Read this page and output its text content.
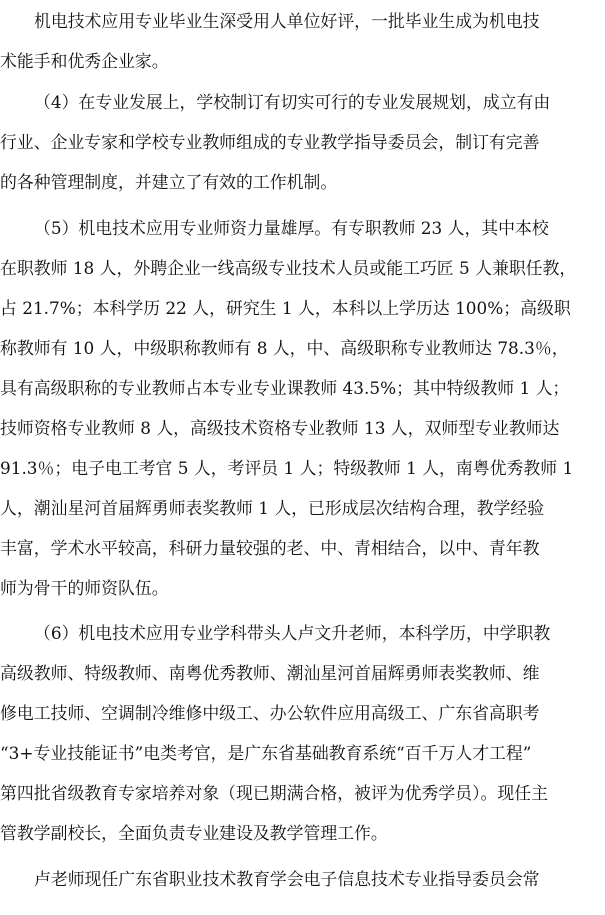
机电技术应用专业毕业生深受用人单位好评，一批毕业生成为机电技
术能手和优秀企业家。
（4）在专业发展上，学校制订有切实可行的专业发展规划，成立有由
行业、企业专家和学校专业教师组成的专业教学指导委员会，制订有完善
的各种管理制度，并建立了有效的工作机制。
（5）机电技术应用专业师资力量雄厚。有专职教师 23 人，其中本校
在职教师 18 人，外聘企业一线高级专业技术人员或能工巧匠 5 人兼职任教，
占 21.7%；本科学历 22 人，研究生 1 人，本科以上学历达 100%；高级职
称教师有 10 人，中级职称教师有 8 人，中、高级职称专业教师达 78.3％，
具有高级职称的专业教师占本专业专业课教师 43.5%；其中特级教师 1 人；
技师资格专业教师 8 人，高级技术资格专业教师 13 人，双师型专业教师达
91.3％；电子电工考官 5 人，考评员 1 人；特级教师 1 人，南粤优秀教师 1
人，潮汕星河首届辉勇师表奖教师 1 人，已形成层次结构合理，教学经验
丰富，学术水平较高，科研力量较强的老、中、青相结合，以中、青年教
师为骨干的师资队伍。
（6）机电技术应用专业学科带头人卢文升老师，本科学历，中学职教
高级教师、特级教师、南粤优秀教师、潮汕星河首届辉勇师表奖教师、维
修电工技师、空调制冷维修中级工、办公软件应用高级工、广东省高职考
“3+专业技能证书”电类考官，是广东省基础教育系统“百千万人才工程”
第四批省级教育专家培养对象（现已期满合格，被评为优秀学员）。现任主
管教学副校长，全面负责专业建设及教学管理工作。
卢老师现任广东省职业技术教育学会电子信息技术专业指导委员会常
